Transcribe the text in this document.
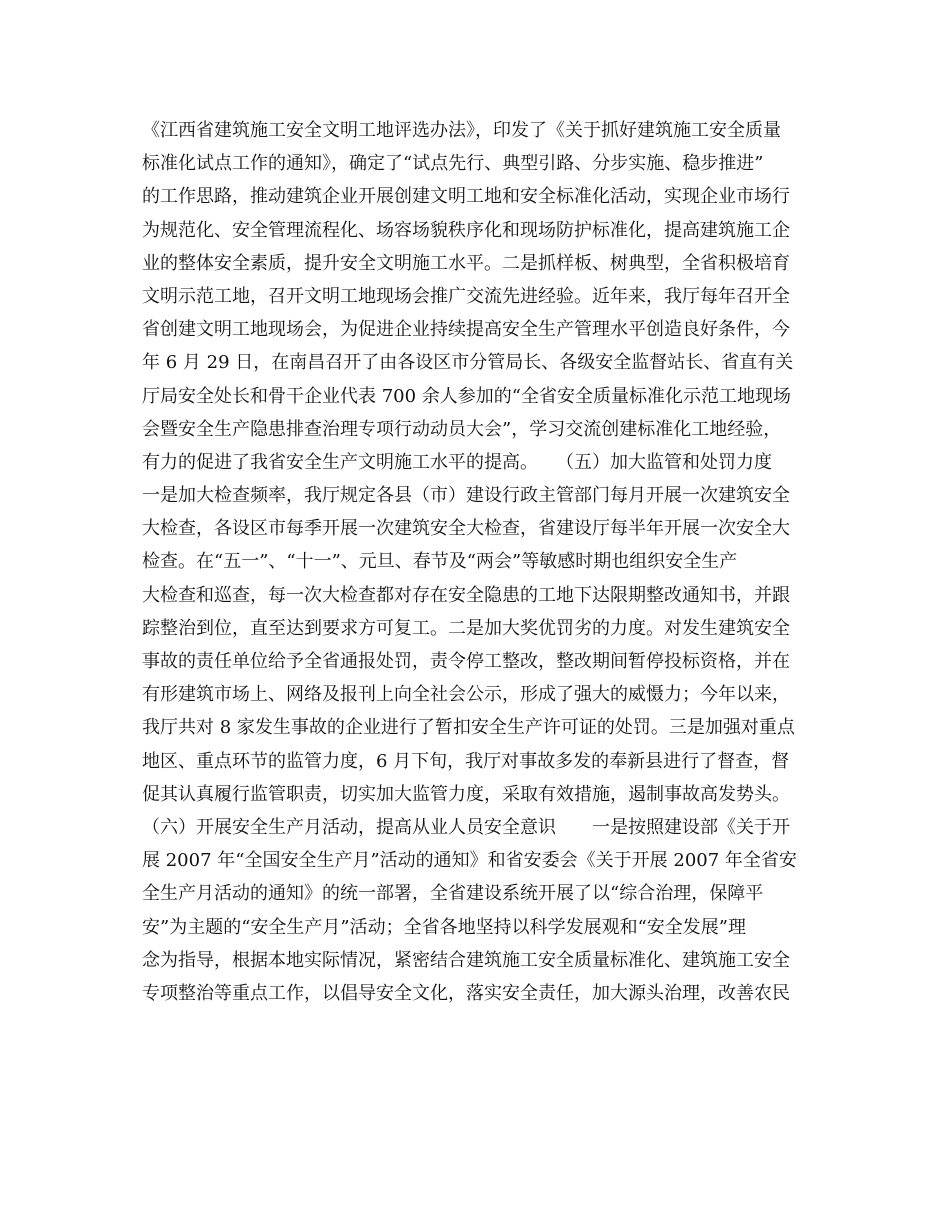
《江西省建筑施工安全文明工地评选办法》，印发了《关于抓好建筑施工安全质量
标准化试点工作的通知》，确定了“试点先行、典型引路、分步实施、稳步推进”
的工作思路，推动建筑企业开展创建文明工地和安全标准化活动，实现企业市场行
为规范化、安全管理流程化、场容场貌秩序化和现场防护标准化，提高建筑施工企
业的整体安全素质，提升安全文明施工水平。二是抓样板、树典型，全省积极培育
文明示范工地，召开文明工地现场会推广交流先进经验。近年来，我厅每年召开全
省创建文明工地现场会，为促进企业持续提高安全生产管理水平创造良好条件，今
年 6 月 29 日，在南昌召开了由各设区市分管局长、各级安全监督站长、省直有关
厅局安全处长和骨干企业代表 700 余人参加的“全省安全质量标准化示范工地现场
会暨安全生产隐患排查治理专项行动动员大会”，学习交流创建标准化工地经验，
有力的促进了我省安全生产文明施工水平的提高。　　（五）加大监管和处罚力度
一是加大检查频率，我厅规定各县（市）建设行政主管部门每月开展一次建筑安全
大检查，各设区市每季开展一次建筑安全大检查，省建设厅每半年开展一次安全大
检查。在“五一”、“十一”、元旦、春节及“两会”等敏感时期也组织安全生产
大检查和巡查，每一次大检查都对存在安全隐患的工地下达限期整改通知书，并跟
踪整治到位，直至达到要求方可复工。二是加大奖优罚劣的力度。对发生建筑安全
事故的责任单位给予全省通报处罚，责令停工整改，整改期间暂停投标资格，并在
有形建筑市场上、网络及报刊上向全社会公示，形成了强大的威慑力；今年以来，
我厅共对 8 家发生事故的企业进行了暂扣安全生产许可证的处罚。三是加强对重点
地区、重点环节的监管力度，6 月下旬，我厅对事故多发的奉新县进行了督查，督
促其认真履行监管职责，切实加大监管力度，采取有效措施，遏制事故高发势头。
（六）开展安全生产月活动，提高从业人员安全意识　　一是按照建设部《关于开
展 2007 年“全国安全生产月”活动的通知》和省安委会《关于开展 2007 年全省安
全生产月活动的通知》的统一部署，全省建设系统开展了以“综合治理，保障平
安”为主题的“安全生产月”活动；全省各地坚持以科学发展观和“安全发展”理
念为指导，根据本地实际情况，紧密结合建筑施工安全质量标准化、建筑施工安全
专项整治等重点工作，以倡导安全文化，落实安全责任，加大源头治理，改善农民
